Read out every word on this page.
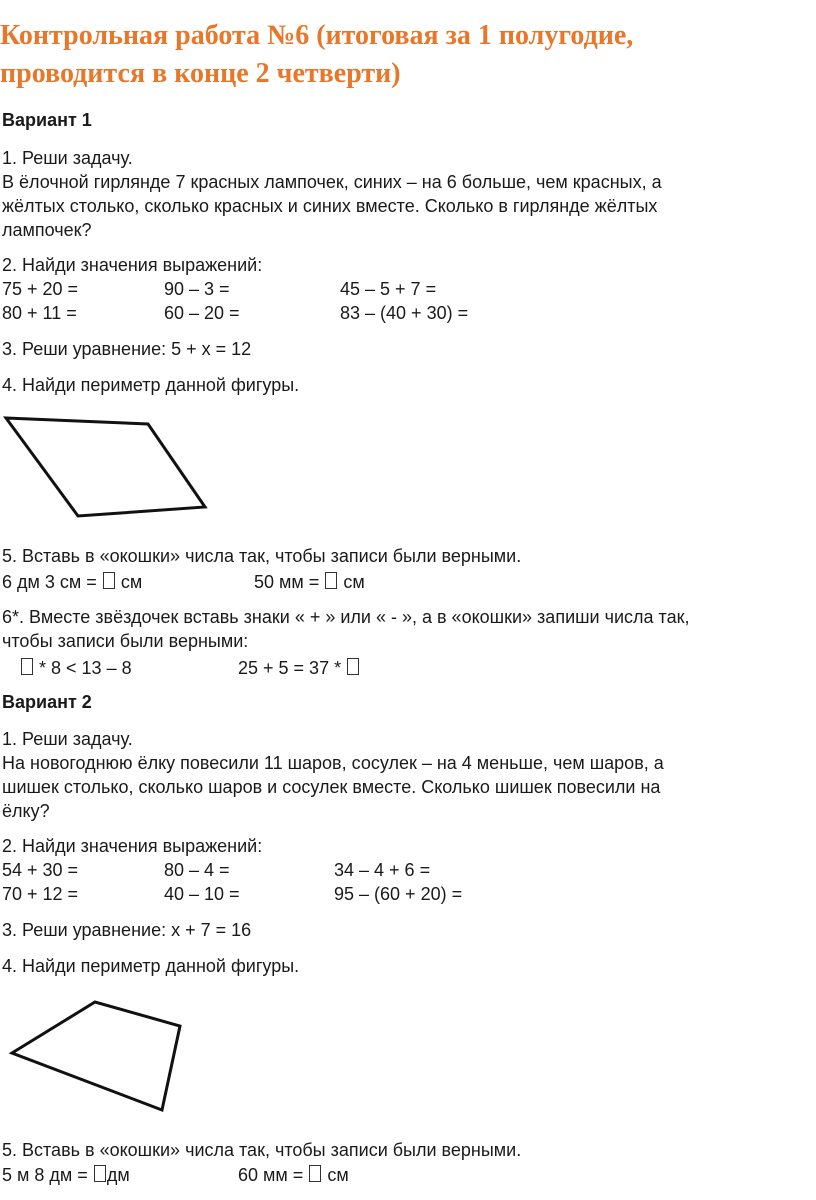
Контрольная работа №6 (итоговая за 1 полугодие,
проводится в конце 2 четверти)
Вариант 1
1. Реши задачу.
В ёлочной гирлянде 7 красных лампочек, синих – на 6 больше, чем красных, а
жёлтых столько, сколько красных и синих вместе. Сколько в гирлянде жёлтых
лампочек?
2. Найди значения выражений:
75 + 20 =	90 – 3 =	45 – 5 + 7 =
80 + 11 =	60 – 20 =	83 – (40 + 30) =
3. Реши уравнение: 5 + х = 12
4. Найди периметр данной фигуры.
5. Вставь в «окошки» числа так, чтобы записи были верными.
6 дм 3 см = см	50 мм = см
6*. Вместе звёздочек вставь знаки « + » или « - », а в «окошки» запиши числа так,
чтобы записи были верными:
* 8 < 13 – 8	25 + 5 = 37 *
Вариант 2
1. Реши задачу.
На новогоднюю ёлку повесили 11 шаров, сосулек – на 4 меньше, чем шаров, а
шишек столько, сколько шаров и сосулек вместе. Сколько шишек повесили на
ёлку?
2. Найди значения выражений:
54 + 30 =	80 – 4 =	34 – 4 + 6 =
70 + 12 =	40 – 10 =	95 – (60 + 20) =
3. Реши уравнение: х + 7 = 16
4. Найди периметр данной фигуры.
5. Вставь в «окошки» числа так, чтобы записи были верными.
5 м 8 дм = дм	60 мм = см
